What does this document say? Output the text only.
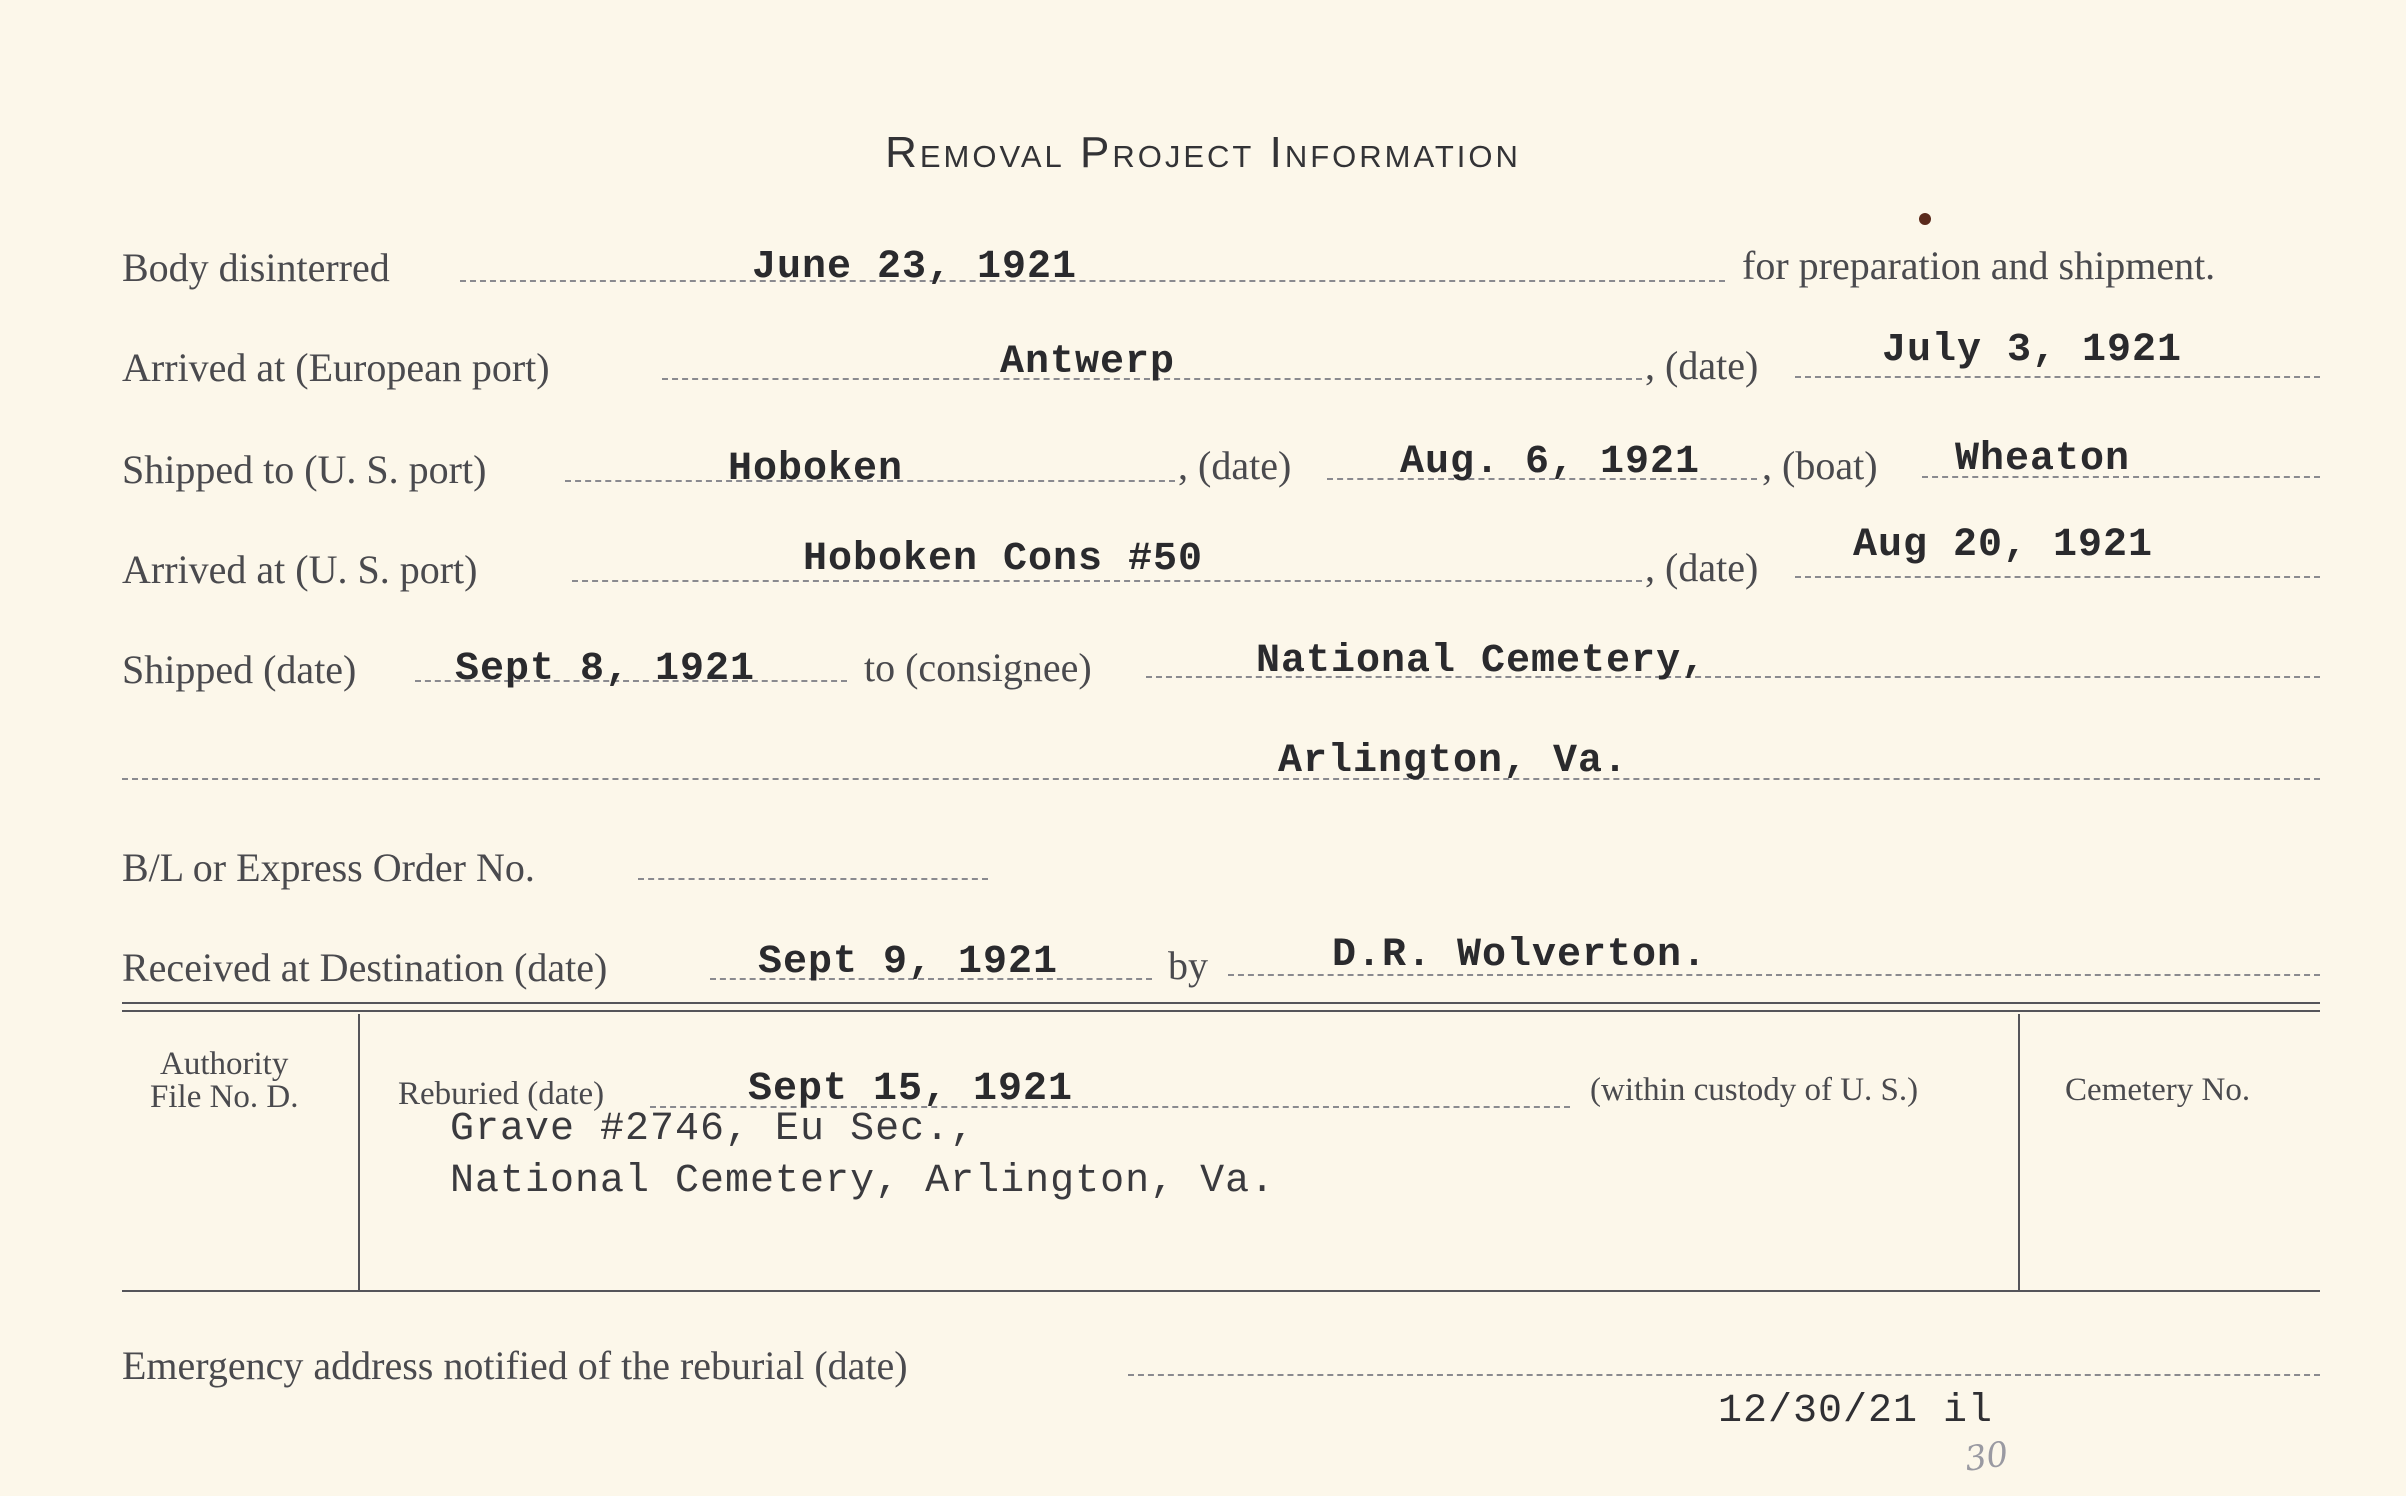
Removal Project Information
Body disinterred	June 23, 1921	for preparation and shipment.
Arrived at (European port)	Antwerp	, (date)	July 3, 1921
Shipped to (U. S. port)	Hoboken	, (date)	Aug. 6, 1921 , (boat) Wheaton
Arrived at (U. S. port)	Hoboken Cons #50	, (date) Aug 20, 1921
Shipped (date) Sept 8, 1921	to (consignee)	National Cemetery,
Arlington, Va.
B/L or Express Order No.
Received at Destination (date)	Sept 9, 1921	by	D.R. Wolverton.
Authority
File No. D.	Reburied (date)	Sept 15, 1921	(within custody of U. S.)
Grave #2746, Eu Sec.,
National Cemetery, Arlington, Va.
Cemetery No.
Emergency address notified of the reburial (date)
12/30/21 il
30
